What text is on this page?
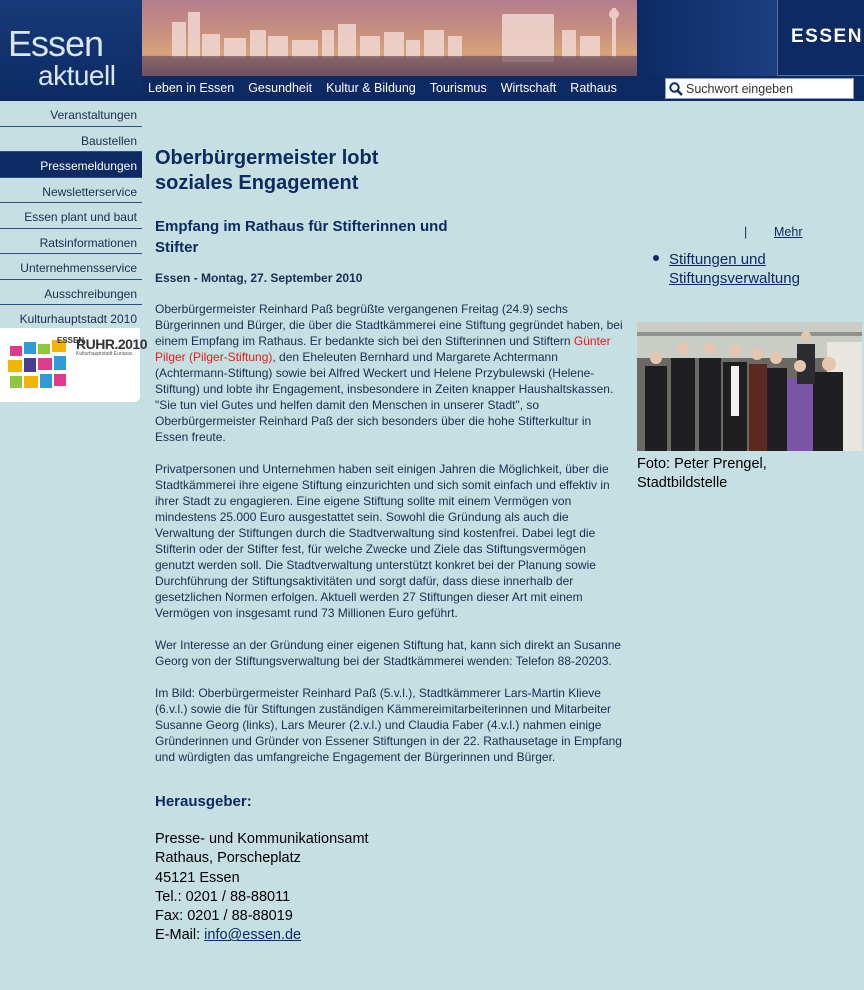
Essen
aktuell
ESSEN
Leben in Essen	Gesundheit	Kultur & Bildung	Tourismus	Wirtschaft	Rathaus
Suchwort eingeben
Veranstaltungen
Baustellen
Pressemeldungen
Newsletterservice
Essen plant und baut
Ratsinformationen
Unternehmensservice
Ausschreibungen
Kulturhauptstadt 2010
ESSEN
RUHR.2010
Kulturhauptstadt Europas
Oberbürgermeister lobt soziales Engagement
Empfang im Rathaus für Stifterinnen und Stifter
Essen - Montag, 27. September 2010

Oberbürgermeister Reinhard Paß begrüßte vergangenen Freitag (24.9) sechs Bürgerinnen und Bürger, die über die Stadtkämmerei eine Stiftung gegründet haben, bei einem Empfang im Rathaus. Er bedankte sich bei den Stifterinnen und Stiftern Günter Pilger (Pilger-Stiftung), den Eheleuten Bernhard und Margarete Achtermann (Achtermann-Stiftung) sowie bei Alfred Weckert und Helene Przybulewski (Helene-Stiftung) und lobte ihr Engagement, insbesondere in Zeiten knapper Haushaltskassen. "Sie tun viel Gutes und helfen damit den Menschen in unserer Stadt", so Oberbürgermeister Reinhard Paß der sich besonders über die hohe Stifterkultur in Essen freute.

Privatpersonen und Unternehmen haben seit einigen Jahren die Möglichkeit, über die Stadtkämmerei ihre eigene Stiftung einzurichten und sich somit einfach und effektiv in ihrer Stadt zu engagieren. Eine eigene Stiftung sollte mit einem Vermögen von mindestens 25.000 Euro ausgestattet sein. Sowohl die Gründung als auch die Verwaltung der Stiftungen durch die Stadtverwaltung sind kostenfrei. Dabei legt die Stifterin oder der Stifter fest, für welche Zwecke und Ziele das Stiftungsvermögen genutzt werden soll. Die Stadtverwaltung unterstützt konkret bei der Planung sowie Durchführung der Stiftungsaktivitäten und sorgt dafür, dass diese innerhalb der gesetzlichen Normen erfolgen. Aktuell werden 27 Stiftungen dieser Art mit einem Vermögen von insgesamt rund 73 Millionen Euro geführt.

Wer Interesse an der Gründung einer eigenen Stiftung hat, kann sich direkt an Susanne Georg von der Stiftungsverwaltung bei der Stadtkämmerei wenden: Telefon 88-20203.

Im Bild: Oberbürgermeister Reinhard Paß (5.v.l.), Stadtkämmerer Lars-Martin Klieve (6.v.l.) sowie die für Stiftungen zuständigen Kämmereimitarbeiterinnen und Mitarbeiter Susanne Georg (links), Lars Meurer (2.v.l.) und Claudia Faber (4.v.l.) nahmen einige Gründerinnen und Gründer von Essener Stiftungen in der 22. Rathausetage in Empfang und würdigten das umfangreiche Engagement der Bürgerinnen und Bürger.

Herausgeber:
Presse- und Kommunikationsamt
Rathaus, Porscheplatz
45121 Essen
Tel.: 0201 / 88-88011
Fax: 0201 / 88-88019
E-Mail: info@essen.de
| Mehr
Stiftungen und Stiftungsverwaltung
Foto: Peter Prengel, Stadtbildstelle
